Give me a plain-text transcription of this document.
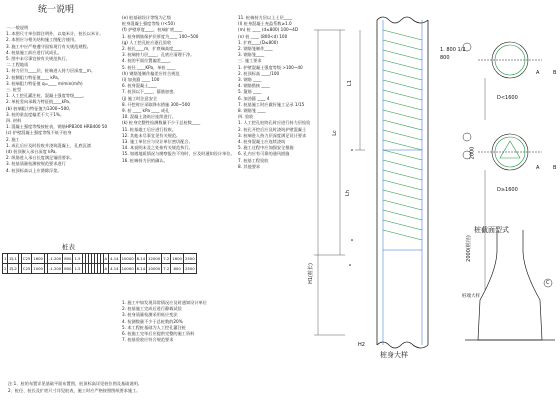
统一说明
一.一般说明
1. 本图尺寸单位除注明外，以毫米计，桩长以米计。
2. 本图应与相关结构施工图配合使用。
3. 施工中应严格遵守国家现行有关规范规程。
4. 桩基施工前应进行试成孔。
5. 图中未尽事宜按有关规范执行。
二.工程地质
1. 持力层为____层，桩端进入持力层深度__m。
2. 桩侧阻力特征值____ kPa。
3. 桩端阻力特征值 q=____ m/min(m/h)
三. 桩型
1. 人工挖孔灌注桩，混凝土强度等级____。
2. 单桩竖向承载力特征值____kPa。
(b) 桩端阻力特征值为1300~500,
3. 桩的垂直度偏差不大于1%。
四. 材料
1. 混凝土强度等级按桩表，钢筋HPB300 HRB400 50
(c) 护壁混凝土强度等级不低于桩身
2. 施工
1. 成孔后应及时验收并浇筑混凝土，孔底沉渣
(d) 桩顶嵌入承台深度 kPa,
2. 纵筋进入承台长度满足锚固要求。
3. 桩基质量检测按规范要求进行
4. 桩顶标高以上应凿除浮浆。
(e) 桩基础设计等级为乙级
桩身混凝土强度等级 (r<50)
(f) 护壁厚度____，桩端扩底____
1. 桩身钢筋保护层厚度为____ 100~500
(g) 人工挖孔桩应逐孔验收
2. 桩长____m，扩底端高度____
3. 桩端持力层____，孔底应清理干净。
4. 桩的平面位置偏差____。
5. 桩径 ____KPa，单桩 ____
(h) 钢筋笼制作偏差应符合规范
(i) 加劲箍 ____ 100
6. 桩身混凝土____
7. 桩顶以下____，箍筋加密。
(j) 施工时注意安全
8. 开挖时应采取降水措施 300~500
9. 桩 ____ kPa ____ 成孔
10. 混凝土浇筑应连续进行。
(k) 桩身完整性检测数量不少于总桩数____
11. 桩基竣工后应进行验收。
12. 其他未尽事宜见有关规范。
13. 施工单位应与设计单位密切配合。
14. 本说明未及之处按有关规范执行。
15. 如遇地质情况与勘察报告不符时，应及时通知设计单位。
16. 桩端持力层的确认。
11. 桩端持力层以上土层____
(l) 桩身混凝土充盈系数≥1.0
(m) 桩 ____ (d≤800) 100~4D
(n) 桩 ____ (800<d) 100
1. 扩底____(D≤800)
2. 钢筋笼制作____
3. 钢筋笼____
三. 施工要求
1. 护壁混凝土强度等级 >100~40
2. 桩顶标高 ____/100
3. 钢筋 ____
4. 钢筋搭接 ____
5. 箍筋 ____
6. 加劲箍 ____ 4
7. 桩基施工时应做好施工记录 1/15
8. 钢筋笼 ____
四. 验收
1. 人工挖孔桩终孔时应进行持力层检验
2. 桩孔开挖后应及时浇筑护壁混凝土
3. 桩端进入持力层深度满足设计要求
4. 桩身混凝土应连续浇筑
5. 施工过程中应加强安全措施
6. 孔内应有可靠的通风措施
7. 桩基工程验收
8. 其他要求
桩表
1	ZJ-1		C25	1600		-1.200	800	1.5								A	4.14	10000	8.14	12000	7.2	1600	2500
2	ZJ-2		C25	1000		-1.200	800	1.5								A	4.14	10000	8.14	10000	7.2	800	2500
1. 施工中如发现异常情况应及时通知设计单位
2. 桩基施工完成后进行静载试验
3. 桩身质量检测采用低应变法
4. 检测数量不少于总桩数的20%
5. 本工程桩基础为人工挖孔灌注桩
6. 桩施工完毕后应提供完整的施工资料
7. 桩基验收应符合规范要求
注:1、桩的布置详见基础平面布置图，桩顶标高详见桩位图及基础说明。
2、桩径、桩长及扩底尺寸详见桩表，施工时应严格按照图纸要求施工。
Lc
L1
H1(桩长)
H2
Lh
桩身大样
1. 800 1/2
800
D<1600
D≥1600
2000
2000(桩径)
桩截面型式
A	B
A	B
C
桩端大样
